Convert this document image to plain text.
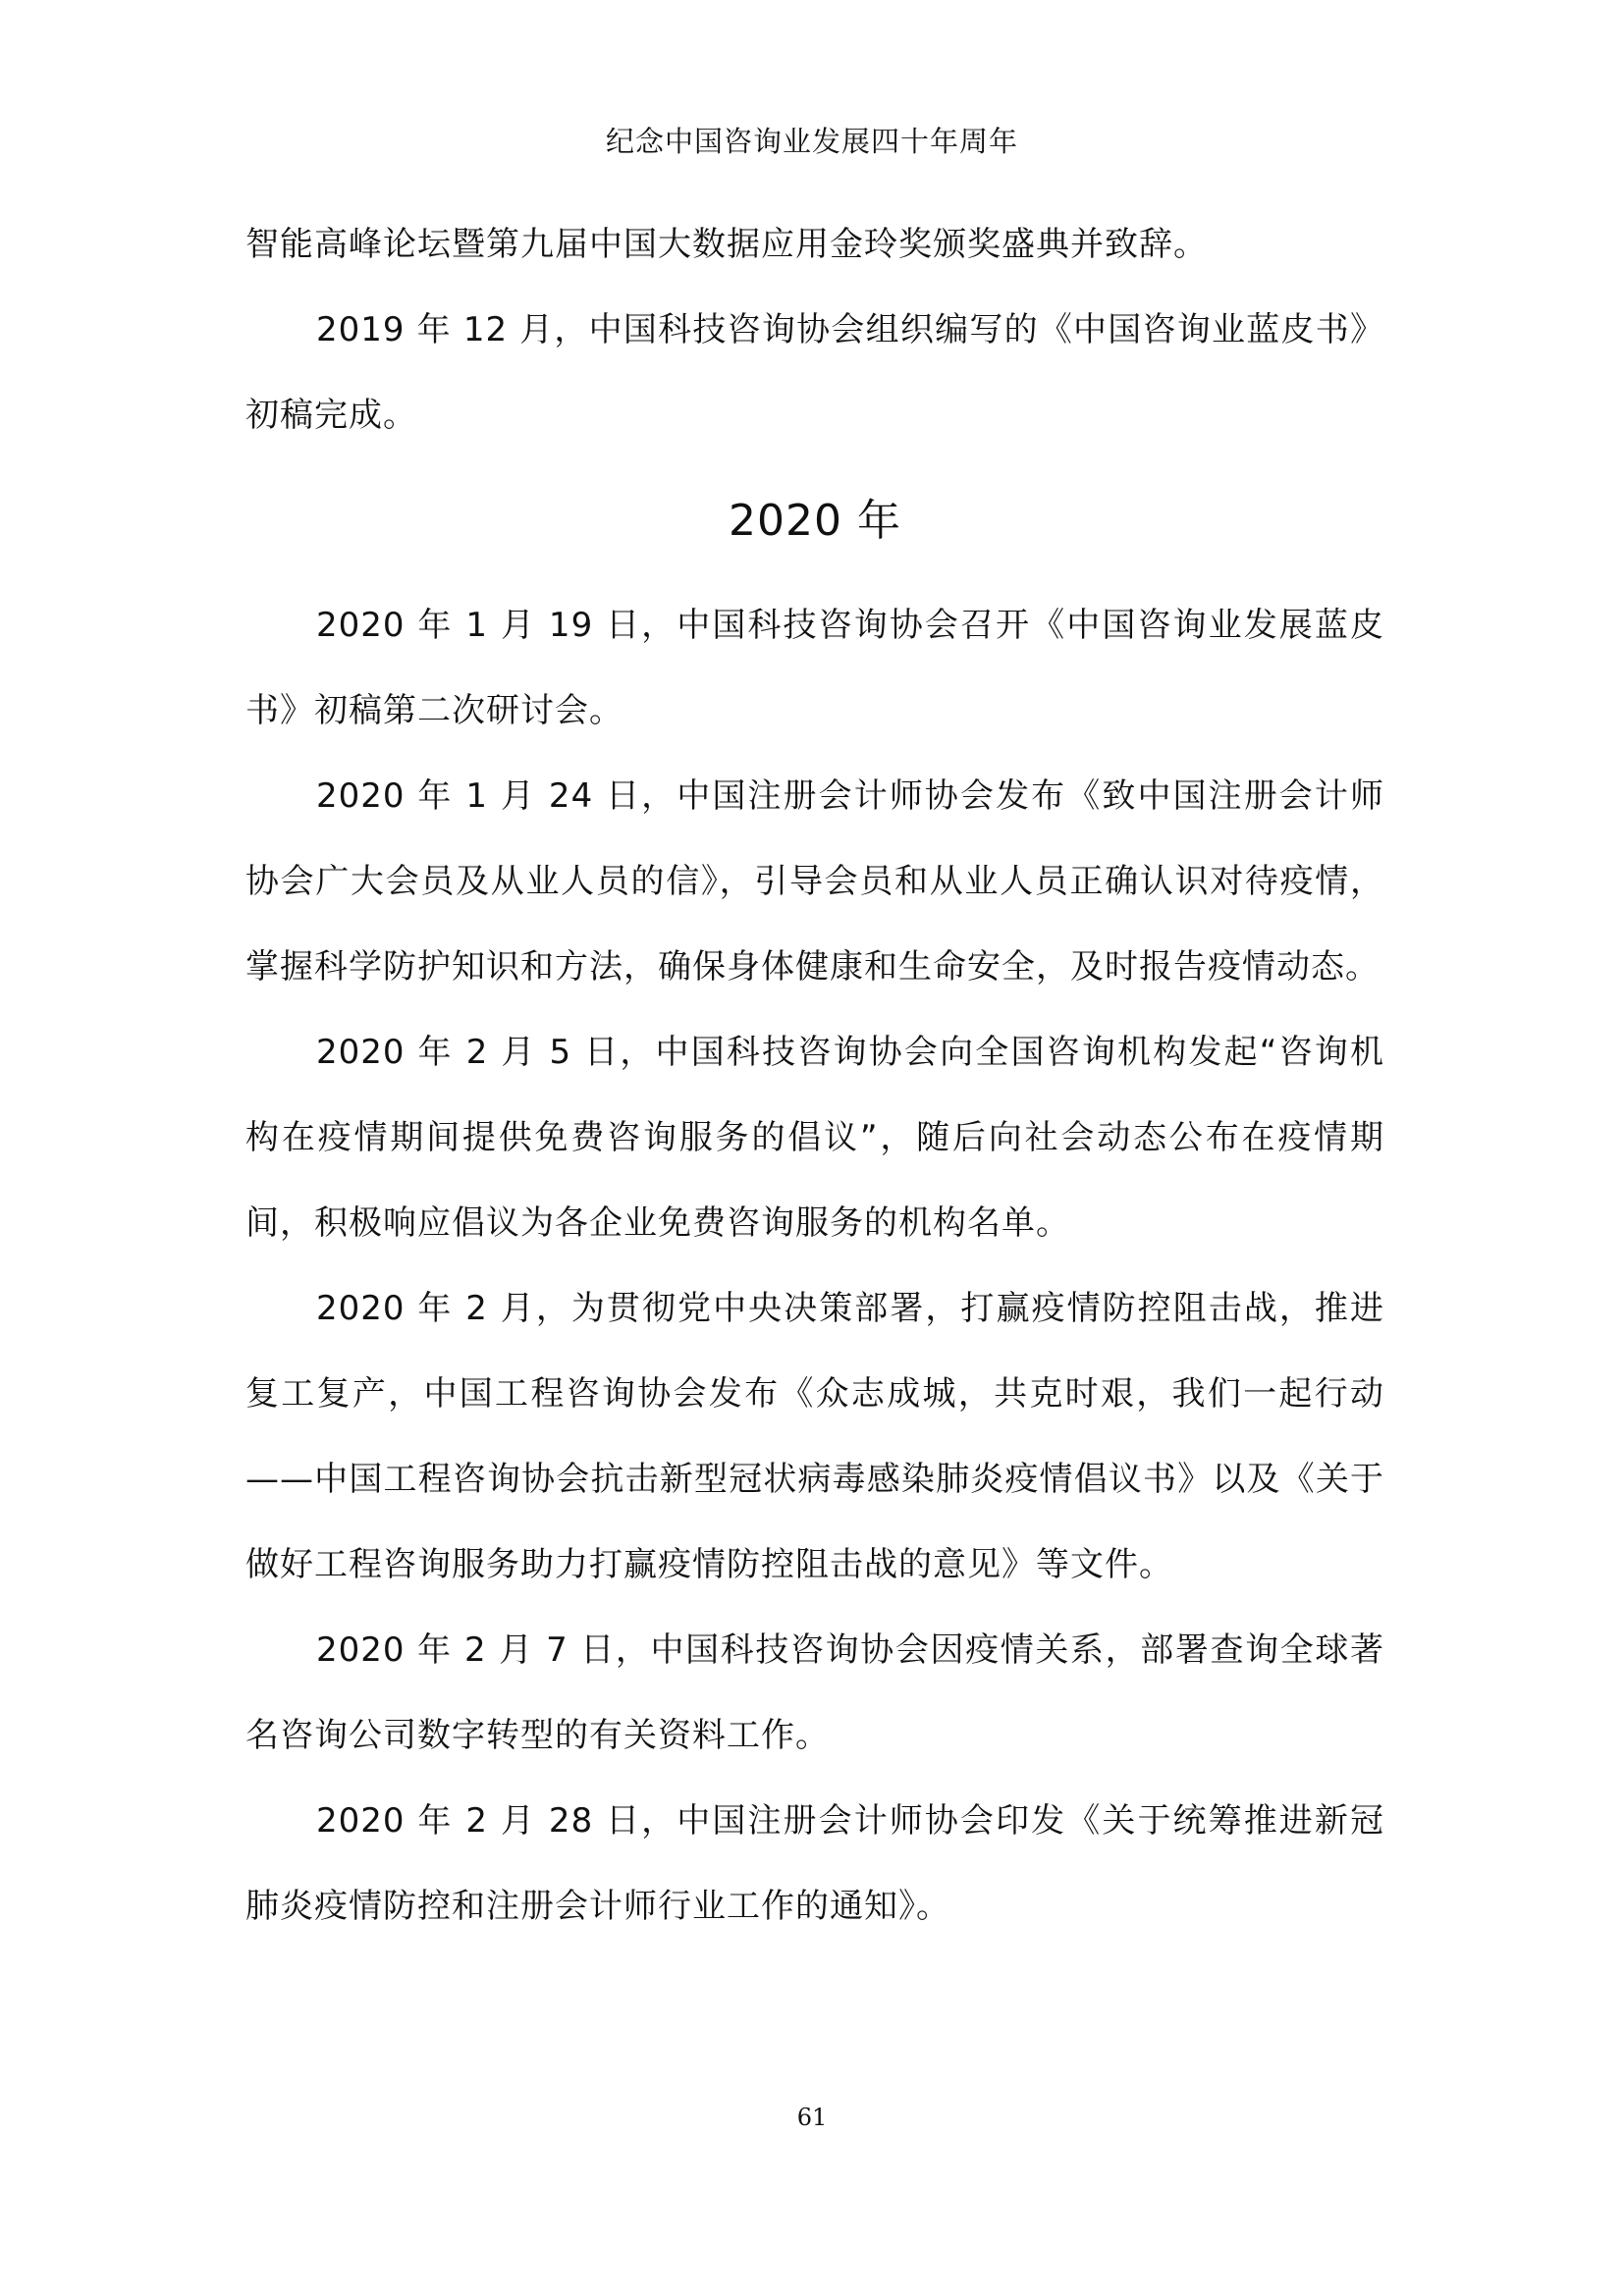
纪念中国咨询业发展四十年周年

智能高峰论坛暨第九届中国大数据应用金玲奖颁奖盛典并致辞。

2019 年 12 月，中国科技咨询协会组织编写的《中国咨询业蓝皮书》初稿完成。

2020 年

2020 年 1 月 19 日，中国科技咨询协会召开《中国咨询业发展蓝皮书》初稿第二次研讨会。

2020 年 1 月 24 日，中国注册会计师协会发布《致中国注册会计师协会广大会员及从业人员的信》，引导会员和从业人员正确认识对待疫情，掌握科学防护知识和方法，确保身体健康和生命安全，及时报告疫情动态。

2020 年 2 月 5 日，中国科技咨询协会向全国咨询机构发起“咨询机构在疫情期间提供免费咨询服务的倡议”，随后向社会动态公布在疫情期间，积极响应倡议为各企业免费咨询服务的机构名单。

2020 年 2 月，为贯彻党中央决策部署，打赢疫情防控阻击战，推进复工复产，中国工程咨询协会发布《众志成城，共克时艰，我们一起行动——中国工程咨询协会抗击新型冠状病毒感染肺炎疫情倡议书》以及《关于做好工程咨询服务助力打赢疫情防控阻击战的意见》等文件。

2020 年 2 月 7 日，中国科技咨询协会因疫情关系，部署查询全球著名咨询公司数字转型的有关资料工作。

2020 年 2 月 28 日，中国注册会计师协会印发《关于统筹推进新冠肺炎疫情防控和注册会计师行业工作的通知》。

61
